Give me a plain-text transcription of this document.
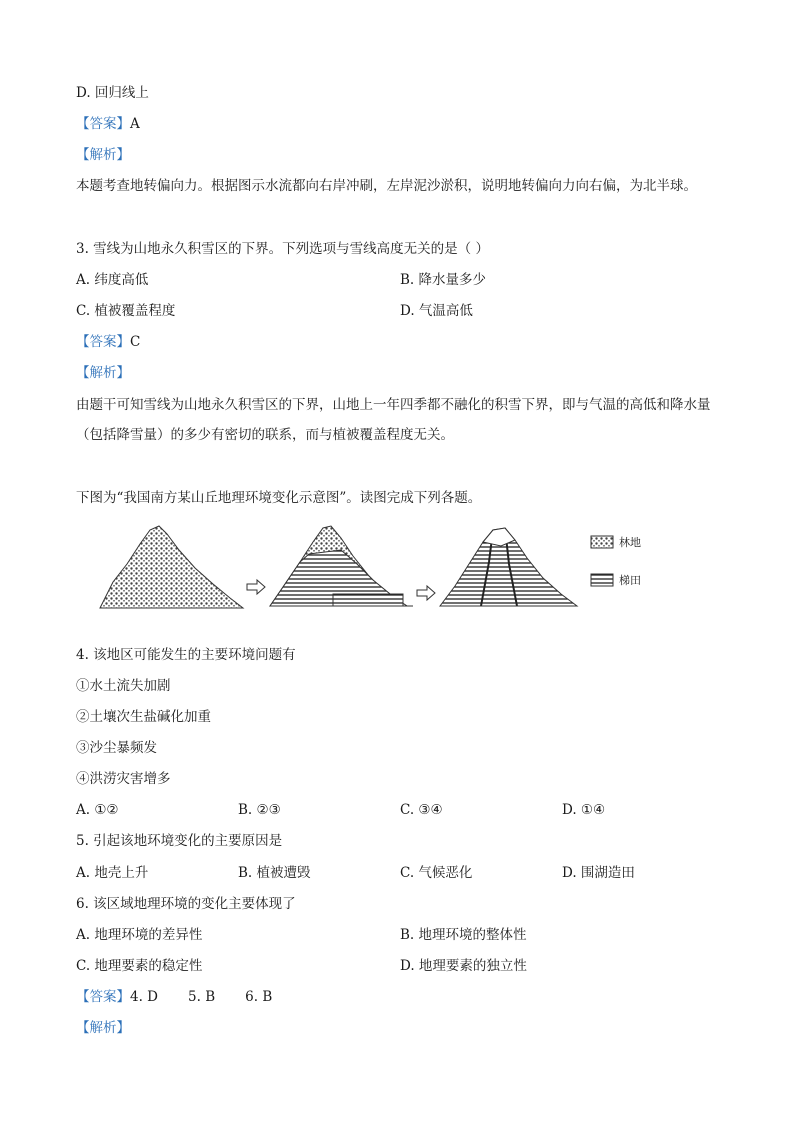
D. 回归线上
【答案】A
【解析】
本题考查地转偏向力。根据图示水流都向右岸冲刷，左岸泥沙淤积，说明地转偏向力向右偏，为北半球。
3. 雪线为山地永久积雪区的下界。下列选项与雪线高度无关的是（ ）
A. 纬度高低	B. 降水量多少
C. 植被覆盖程度	D. 气温高低
【答案】C
【解析】
由题干可知雪线为山地永久积雪区的下界，山地上一年四季都不融化的积雪下界，即与气温的高低和降水量（包括降雪量）的多少有密切的联系，而与植被覆盖程度无关。
下图为“我国南方某山丘地理环境变化示意图”。读图完成下列各题。
林地
梯田
4. 该地区可能发生的主要环境问题有
①水土流失加剧
②土壤次生盐碱化加重
③沙尘暴频发
④洪涝灾害增多
A. ①②	B. ②③	C. ③④	D. ①④
5. 引起该地环境变化的主要原因是
A. 地壳上升	B. 植被遭毁	C. 气候恶化	D. 围湖造田
6. 该区域地理环境的变化主要体现了
A. 地理环境的差异性	B. 地理环境的整体性
C. 地理要素的稳定性	D. 地理要素的独立性
【答案】4. D       5. B       6. B
【解析】
